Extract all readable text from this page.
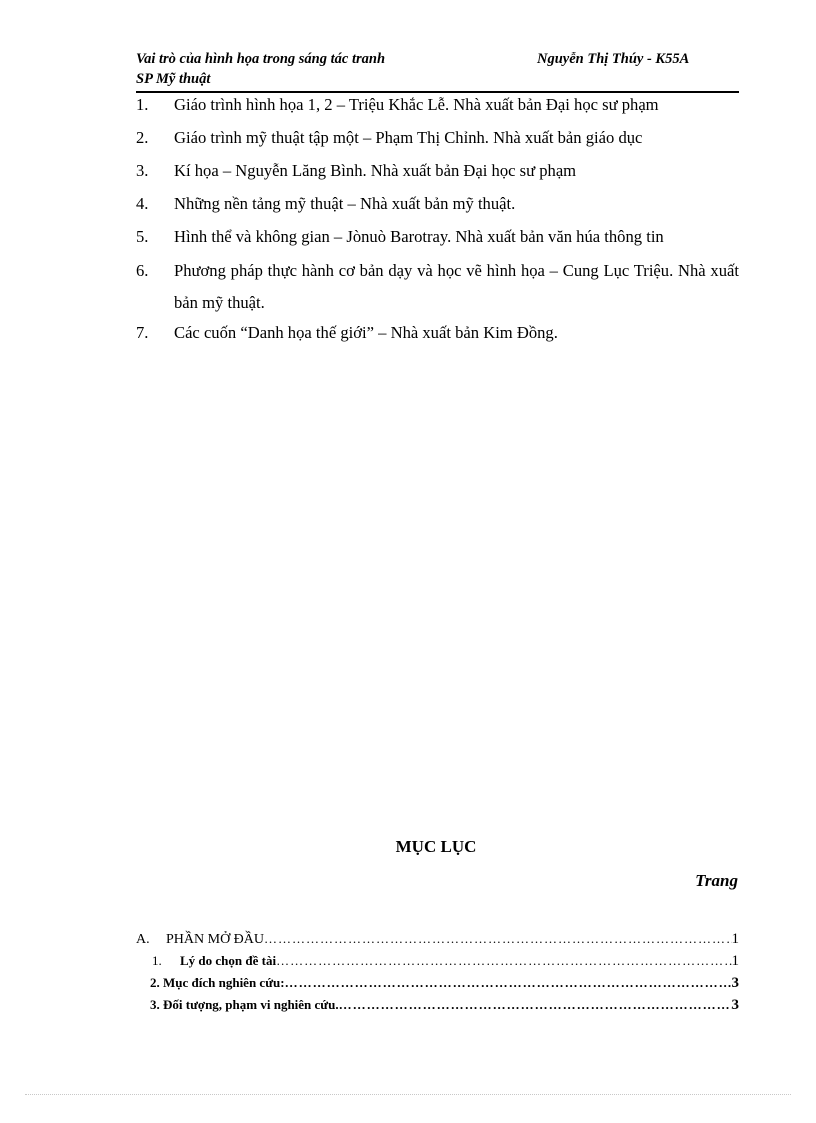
Vai trò của hình họa trong sáng tác tranh	Nguyễn Thị Thúy - K55A
SP Mỹ thuật
1. Giáo trình hình họa 1, 2 – Triệu Khắc Lễ. Nhà xuất bản Đại học sư phạm
2. Giáo trình mỹ thuật tập một – Phạm Thị Chỉnh. Nhà xuất bản giáo dục
3. Kí họa – Nguyễn Lăng Bình. Nhà xuất bản Đại học sư phạm
4. Những nền tảng mỹ thuật – Nhà xuất bản mỹ thuật.
5. Hình thể và không gian – Jònuò Barotray. Nhà xuất bản văn húa thông tin
6. Phương pháp thực hành cơ bản dạy và học vẽ hình họa – Cung Lục Triệu. Nhà xuất bản mỹ thuật.
7. Các cuốn “Danh họa thế giới” – Nhà xuất bản Kim Đồng.
MỤC LỤC
Trang
A. PHẦN MỞ ĐẦU ……………………………………………………………………………………………………………………………………………………………………	1
1. Lý do chọn đề tài ……………………………………………………………………………………………………………………………………………………………………	1
2. Mục đích nghiên cứu: ……………………………………………………………………………………………………………………………………………………………………	3
3. Đối tượng, phạm vi nghiên cứu. ……………………………………………………………………………………………………………………………………………………………………	3
